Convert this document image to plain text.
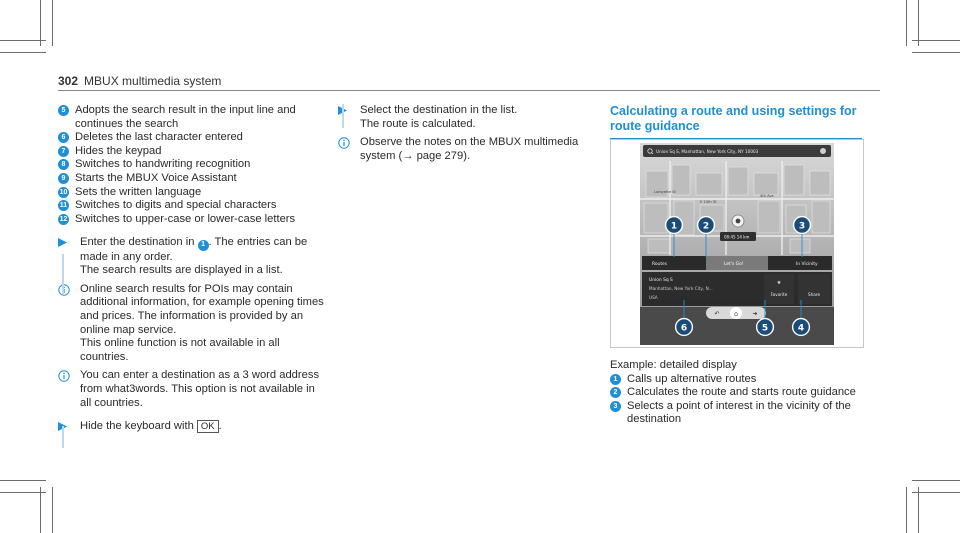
302 MBUX multimedia system
5 Adopts the search result in the input line and continues the search
6 Deletes the last character entered
7 Hides the keypad
8 Switches to handwriting recognition
9 Starts the MBUX Voice Assistant
10 Sets the written language
11 Switches to digits and special characters
12 Switches to upper-case or lower-case letters
Enter the destination in 1 . The entries can be made in any order.
The search results are displayed in a list.
Online search results for POIs may contain additional information, for example opening times and prices. The information is provided by an online map service.
This online function is not available in all countries.
You can enter a destination as a 3 word address from what3words. This option is not available in all countries.
Hide the keyboard with OK .
Select the destination in the list.
The route is calculated.
Observe the notes on the MBUX multimedia system (→ page 279).
Calculating a route and using settings for
route guidance
Lafayette St
E 10th St
4th Ave
Union Sq S, Manhattan, New York City, NY 10003
08:45 14 km
Routes	Let's Go!	In Vicinity
Union Sq S
Manhattan, New York City, N...
USA
★
Favorite	Share
⌂
↶	➜
1	2	3
6	5	4
Example: detailed display
1 Calls up alternative routes
2 Calculates the route and starts route guidance
3 Selects a point of interest in the vicinity of the destination
